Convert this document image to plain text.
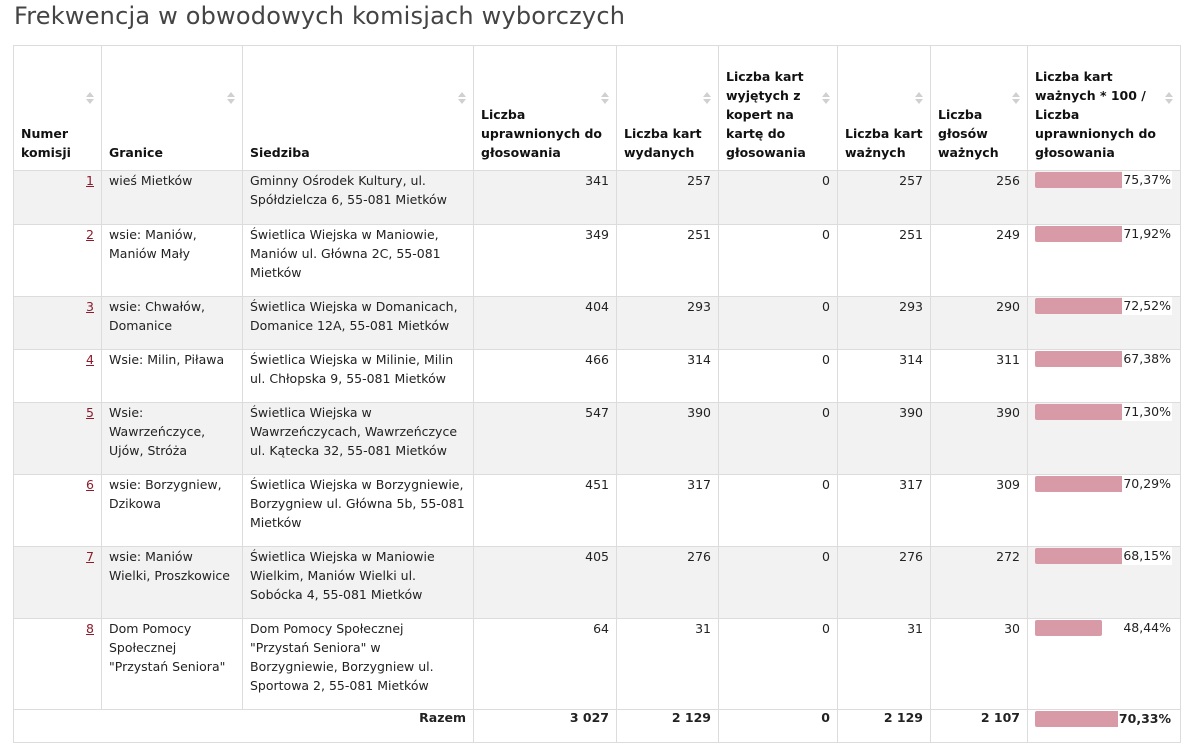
Frekwencja w obwodowych komisjach wyborczych
Numer komisji	Granice	Siedziba	Liczba uprawnionych do głosowania	Liczba kart wydanych	Liczba kart wyjętych z kopert na kartę do głosowania	Liczba kart ważnych	Liczba głosów ważnych	Liczba kart ważnych * 100 / Liczba uprawnionych do głosowania

1	wieś Mietków	Gminny Ośrodek Kultury, ul. Spółdzielcza 6, 55-081 Mietków	341	257	0	257	256	75,37%

2	wsie: Maniów, Maniów Mały	Świetlica Wiejska w Maniowie, Maniów ul. Główna 2C, 55-081 Mietków	349	251	0	251	249	71,92%

3	wsie: Chwałów, Domanice	Świetlica Wiejska w Domanicach, Domanice 12A, 55-081 Mietków	404	293	0	293	290	72,52%

4	Wsie: Milin, Piława	Świetlica Wiejska w Milinie, Milin ul. Chłopska 9, 55-081 Mietków	466	314	0	314	311	67,38%

5	Wsie: Wawrzeńczyce, Ujów, Stróża	Świetlica Wiejska w Wawrzeńczycach, Wawrzeńczyce ul. Kątecka 32, 55-081 Mietków	547	390	0	390	390	71,30%

6	wsie: Borzygniew, Dzikowa	Świetlica Wiejska w Borzygniewie, Borzygniew ul. Główna 5b, 55-081 Mietków	451	317	0	317	309	70,29%

7	wsie: Maniów Wielki, Proszkowice	Świetlica Wiejska w Maniowie Wielkim, Maniów Wielki ul. Sobócka 4, 55-081 Mietków	405	276	0	276	272	68,15%

8	Dom Pomocy Społecznej "Przystań Seniora"	Dom Pomocy Społecznej "Przystań Seniora" w Borzygniewie, Borzygniew ul. Sportowa 2, 55-081 Mietków	64	31	0	31	30	48,44%

Razem			3 027	2 129	0	2 129	2 107	70,33%
